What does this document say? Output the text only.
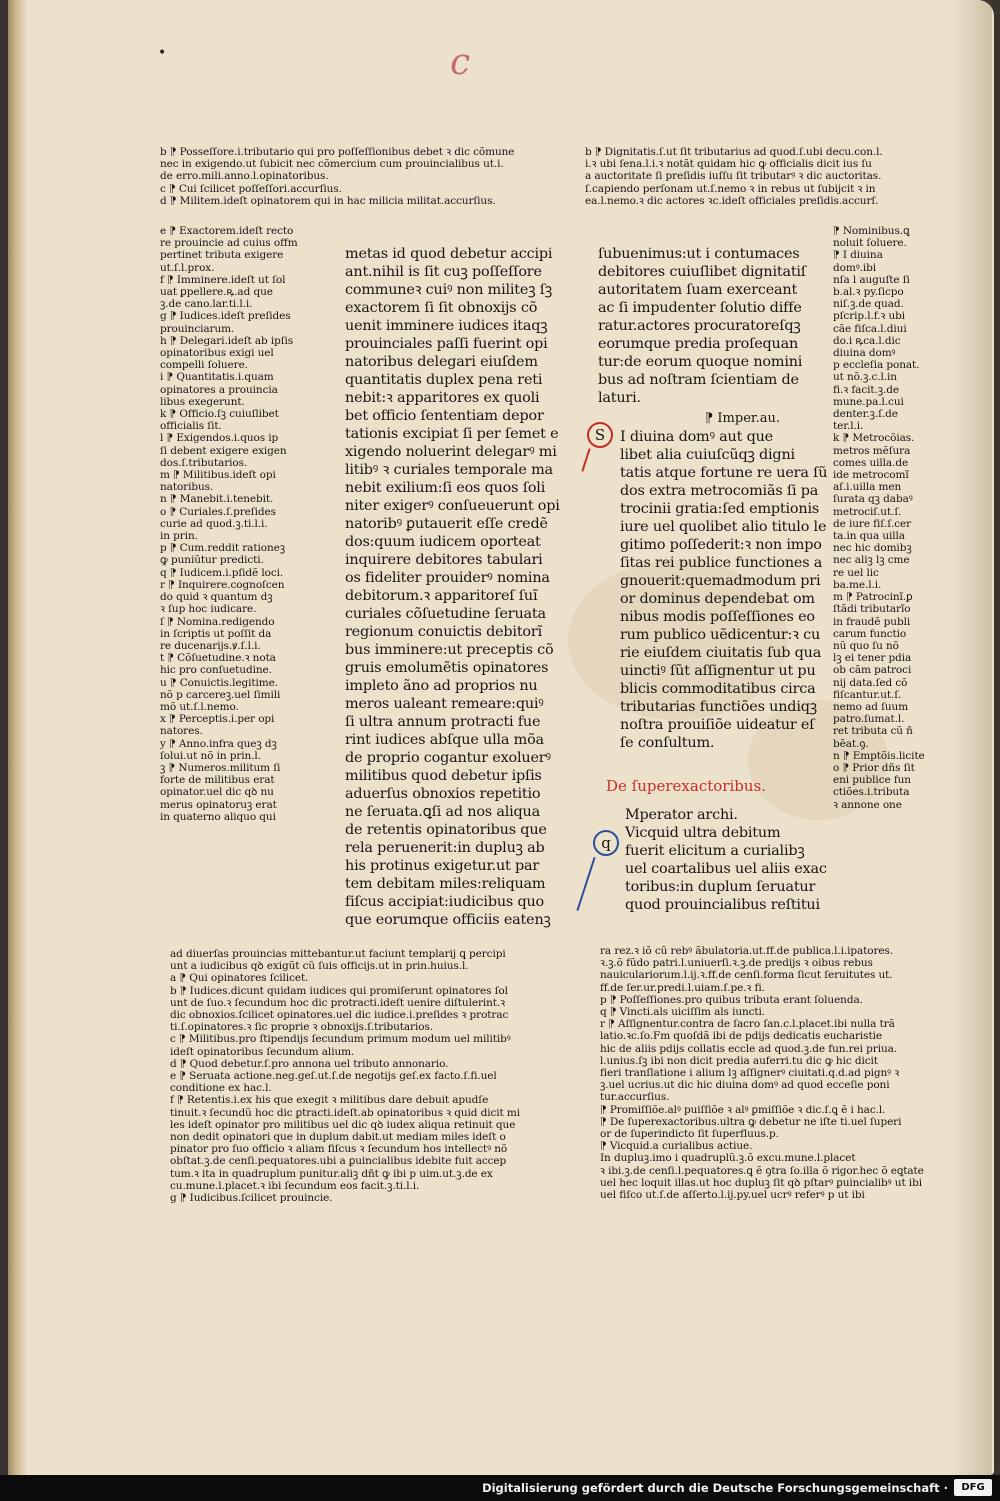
•	c
b ⁋ Posseſſore.i.tributario qui pro poſſeſſionibus debet ꝛ dic cõmune
nec in exigendo.ut ſubicit nec cõmercium cum prouincialibus ut.i.
de erro.mili.anno.l.opinatoribus.
c ⁋ Cui ſcilicet poſſeſſori.accurſius.
d ⁋ Militem.ideſt opinatorem qui in hac milicia militat.accurſius.
b ⁋ Dignitatis.ſ.ut ſit tributarius ad quod.ſ.ubi decu.con.l.
i.ꝛ ubi ſena.l.i.ꝛ notãt quidam hic ꝙ officialis dicit ius ſu
a auctoritate ſi preſidis iuſſu ſit tributarꝰ ꝛ dic auctoritas.
ſ.capiendo perſonam ut.ſ.nemo ꝛ in rebus ut ſubijcit ꝛ in
ea.l.nemo.ꝛ dic actores ꝛc.ideſt officiales preſidis.accurſ.
e ⁋ Exactorem.ideſt recto
re prouincie ad cuius offm
pertinet tributa exigere
ut.ſ.l.prox.
f ⁋ Imminere.ideſt ut ſol
uat ꝑpellere.ꝶ.ad que
ꝫ.de cano.lar.ti.l.i.
g ⁋ Iudices.ideſt preſides
prouinciarum.
h ⁋ Delegari.ideſt ab ipſis
opinatoribus exigi uel
compelli ſoluere.
i ⁋ Quantitatis.i.quam
opinatores a prouincia
libus exegerunt.
k ⁋ Officio.ſꝫ cuiuſlibet
officialis ſit.
l ⁋ Exigendos.i.quos ip
ſi debent exigere exigen
dos.ſ.tributarios.
m ⁋ Militibus.ideſt opi
natoribus.
n ⁋ Manebit.i.tenebit.
o ⁋ Curiales.ſ.preſides
curie ad quod.ꝫ.ti.l.i.
in prin.
p ⁋ Cum.reddit rationeꝫ
ꝙ puniũtur predicti.
q ⁋ Iudicem.i.pſidẽ loci.
r ⁋ Inquirere.cognoſcen
do quid ꝛ quantum dꝫ
ꝛ ſup hoc iudicare.
ſ ⁋ Nomina.redigendo
in ſcriptis ut poſſit da
re ducenarijs.ꝟ.ſ.l.i.
t ⁋ Cõſuetudine.ꝛ nota
hic pro conſuetudine.
u ⁋ Conuictis.legitime.
nõ p carcereꝫ.uel ſimili
mõ ut.ſ.l.nemo.
x ⁋ Perceptis.i.per opi
natores.
y ⁋ Anno.infra queꝫ dꝫ
ſolui.ut nõ in prin.l.
ꝫ ⁋ Numeros.militum ſi
forte de militibus erat
opinator.uel dic qꝺ nu
merus opinatoruꝫ erat
in quaterno aliquo qui
metas id quod debetur accipi
ant.nihil is ſit cuꝫ poſſeſſore
communeꝛ cuiꝰ non militeꝫ ſꝫ
exactorem ſi ſit obnoxijs cõ
uenit imminere iudices itaqꝫ
prouinciales paſſi fuerint opi
natoribus delegari eiuſdem
quantitatis duplex pena reti
nebit:ꝛ apparitores ex quoli
bet officio ſententiam depor
tationis excipiat ſi per ſemet e
xigendo noluerint delegarꝰ mi
litibꝰ ꝛ curiales temporale ma
nebit exilium:ſi eos quos ſoli
niter exigerꝰ conſueuerunt opi
natoribꝰ ꝑutauerit eſſe credẽ
dos:quum iudicem oporteat
inquirere debitores tabulari
os fideliter prouiderꝰ nomina
debitorum.ꝛ apparitoreſ ſuĩ
curiales cõſuetudine ſeruata
regionum conuictis debitorĩ
bus imminere:ut preceptis cõ
gruis emolumẽtis opinatores
impleto ãno ad proprios nu
meros ualeant remeare:quiꝰ
ſi ultra annum protracti fue
rint iudices abſque ulla mõa
de proprio cogantur exoluerꝰ
militibus quod debetur ipſis
aduerſus obnoxios repetitio
ne ſeruata.ꝗſi ad nos aliqua
de retentis opinatoribus que
rela peruenerit:in dupluꝫ ab
his protinus exigetur.ut par
tem debitam miles:reliquam
fiſcus accipiat:iudicibus quo
que eorumque officiis eatenꝫ
ſubuenimus:ut i contumaces
debitores cuiuſlibet dignitatiſ
autoritatem ſuam exerceant
ac ſi impudenter ſolutio diffe
ratur.actores procuratoreſqꝫ
eorumque predia proſequan
tur:de eorum quoque nomini
bus ad noſtram ſcientiam de
laturi.
⁋ Imper.au.
S	I diuina domꝰ aut que
libet alia cuiuſcũqꝫ digni
tatis atque fortune re uera ſũ
dos extra metrocomiãs ſi pa
trocinii gratia:ſed emptionis
iure uel quolibet alio titulo le
gitimo poſſederit:ꝛ non impo
ſitas rei publice functiones a
gnouerit:quemadmodum pri
or dominus dependebat om
nibus modis poſſeſſiones eo
rum publico uẽdicentur:ꝛ cu
rie eiuſdem ciuitatis ſub qua
uinctiꝰ ſũt aſſignentur ut pu
blicis commoditatibus circa
tributarias functiões undiqꝫ
noſtra prouiſiõe uideatur eſ
ſe conſultum.
De ſuperexactoribus.
q
Mperator archi.
Vicquid ultra debitum
fuerit elicitum a curialibꝫ
uel coartalibus uel aliis exac
toribus:in duplum ſeruatur
quod prouincialibus reſtitui
⁋ Nominibus.ꝗ
noluit ſoluere.
⁋ I diuina
domꝰ.ibi
nſa l auguſte ſi
b.al.ꝛ py.ſicpo
niſ.ꝫ.de quad.
pſcrip.l.f.ꝛ ubi
cãe fiſca.l.diui
do.i ꝶca.l.dic
diuina domꝰ
p eccleſia ponat.
ut nõ.ꝫ.c.l.in
fi.ꝛ facit.ꝫ.de
mune.pa.l.cui
denter.ꝫ.ſ.de
ter.l.i.
k ⁋ Metrocõias.
metros mẽſura
comes uilla.de
ide metrocomĩ
aſ.i.uilla men
ſurata qꝫ dabaꝰ
metrociſ.ut.ſ.
de iure fiſ.ſ.cer
ta.in qua uilla
nec hic domibꝫ
nec aliꝫ lꝫ cme
re uel lic
ba.me.l.i.
m ⁋ Patrocinĩ.ꝑ
ſtãdi tributarĩo
in fraudẽ publi
carum functio
nũ quo ſu nõ
lꝫ ei tener pdia
ob cãm patroci
nij data.ſed cõ
fiſcantur.ut.ſ.
nemo ad ſuum
patro.ſumat.l.
ret tributa cũ ñ
bẽat.ꝯ.
n ⁋ Emptõis.licite
o ⁋ Prior dñs ſit
eni publice fun
ctiões.i.tributa
ꝛ annone one
ad diuerſas prouincias mittebantur.ut faciunt templarij ꝗ percipi
unt a iudicibus qꝺ exigũt cũ ſuis officijs.ut in prin.huius.l.
a ⁋ Qui opinatores ſcilicet.
b ⁋ Iudices.dicunt quidam iudices qui promiſerunt opinatores ſol
unt de ſuo.ꝛ ſecundum hoc dic protracti.ideſt uenire diſtulerint.ꝛ
dic obnoxios.ſcilicet opinatores.uel dic iudice.i.preſides ꝛ protrac
ti.ſ.opinatores.ꝛ ſic proprie ꝛ obnoxijs.ſ.tributarios.
c ⁋ Militibus.pro ſtipendijs ſecundum primum modum uel militibꝰ
ideſt opinatoribus ſecundum alium.
d ⁋ Quod debetur.ſ.pro annona uel tributo annonario.
e ⁋ Seruata actione.neg.geſ.ut.ſ.de negotijs geſ.ex facto.ſ.fi.uel
conditione ex hac.l.
f ⁋ Retentis.i.ex his que exegit ꝛ militibus dare debuit apudſe
tinuit.ꝛ ſecundũ hoc dic ꝑtracti.ideſt.ab opinatoribus ꝛ quid dicit mi
les ideſt opinator pro militibus uel dic qꝺ iudex aliqua retinuit que
non dedit opinatori que in duplum dabit.ut mediam miles ideſt o
pinator pro ſuo officio ꝛ aliam fiſcus ꝛ ſecundum hos intellectꝰ nõ
obſtat.ꝫ.de cenſi.pequatores.ubi a ꝑuincialibus idebite fuit accep
tum.ꝛ ita in quadruplum punitur.aliꝫ dñt ꝙ ibi p uim.ut.ꝫ.de ex
cu.mune.l.placet.ꝛ ibi ſecundum eos facit.ꝫ.ti.l.i.
g ⁋ Iudicibus.ſcilicet prouincie.
ra rez.ꝛ iõ cũ rebꝰ ãbulatoria.ut.ff.de publica.l.i.ipatores.
ꝛ.ꝫ.õ fũdo patri.l.uniuerſi.ꝛ.ꝫ.de predijs ꝛ oibus rebus
nauiculariorum.l.ij.ꝛ.ff.de cenſi.forma ſicut ſeruitutes ut.
ff.de ſer.ur.predi.l.uiam.ſ.pe.ꝛ fi.
p ⁋ Poſſeſſiones.pro quibus tributa erant ſoluenda.
q ⁋ Vincti.als uiciſſim als iuncti.
r ⁋ Aſſignentur.contra de ſacro ſan.c.l.placet.ibi nulla trã
latio.ꝛc.ſo.Fm quoſdã ibi de pdijs dedicatis eucharistie
hic de aliis pdijs collatis eccle ad quod.ꝫ.de fun.rei priua.
l.unius.ſꝫ ibi non dicit predia auferri.tu dic ꝙ hic dicit
fieri tranſlatione i alium lꝫ aſſignerꝰ ciuitati.q.d.ad pignꝰ ꝛ
ꝫ.uel ucrius.ut dic hic diuina domꝰ ad quod ecceſie poni
tur.accurſius.
⁋ Promiſſiõe.alꝰ puiſſiõe ꝛ alꝰ ꝑmiſſiõe ꝛ dic.ſ.ꝗ ẽ i hac.l.
⁋ De ſuperexactoribus.ultra ꝙ debetur ne iſte ti.uel ſuperi
or de ſuperindicto ſit ſuperfluus.p.
⁋ Vicquid.a curialibus actiue.
In dupluꝫ.imo i quadruplũ.ꝫ.õ excu.mune.l.placet
ꝛ ibi.ꝫ.de cenſi.l.pequatores.ꝗ ẽ ꝯtra ſo.illa õ rigor.hec õ eꝗtate
uel hec loquit illas.ut hoc dupluꝫ ſit qꝺ pſtarꝰ ꝑuincialibꝰ ut ibi
uel fiſco ut.ſ.de aſſerto.l.ij.py.uel ucrꝰ referꝰ p ut ibi
Digitalisierung gefördert durch die Deutsche Forschungsgemeinschaft ·	DFG
